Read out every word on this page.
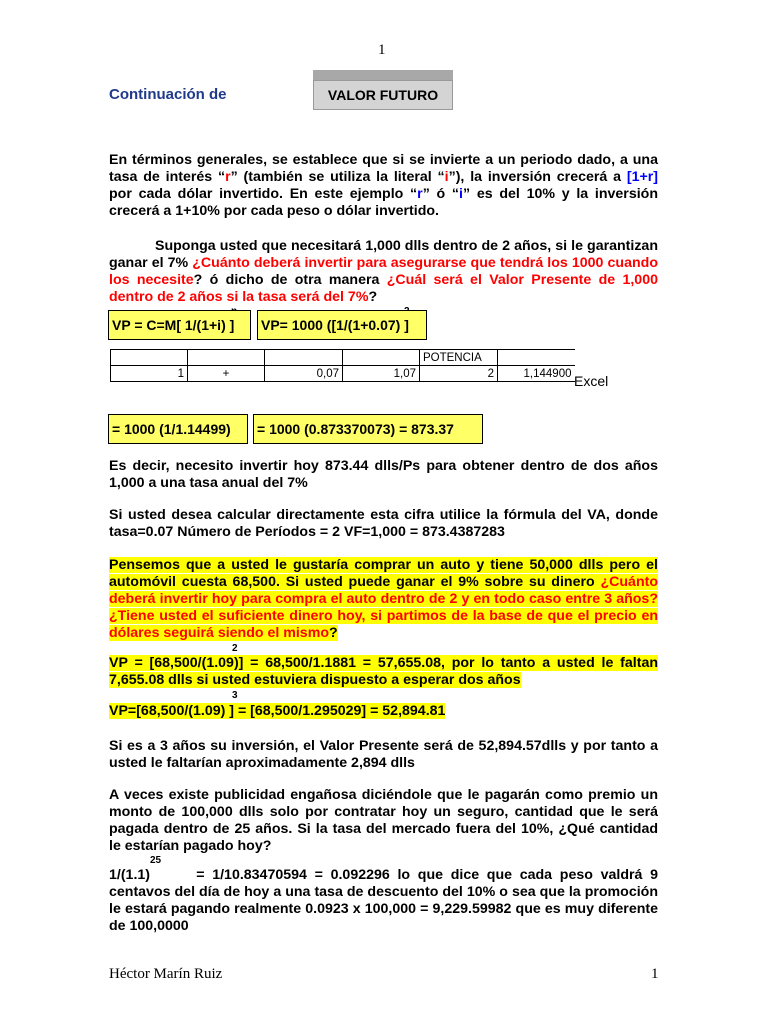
1
Continuación de	VALOR FUTURO
En términos generales, se establece que si se invierte a un periodo dado, a una tasa de interés “r” (también se utiliza la literal “i”), la inversión crecerá a [1+r] por cada dólar invertido. En este ejemplo “r” ó “i” es del 10% y la inversión crecerá a 1+10% por cada peso o dólar invertido.
Suponga usted que necesitará 1,000 dlls dentro de 2 años, si le garantizan ganar el 7% ¿Cuánto deberá invertir para asegurarse que tendrá los 1000 cuando los necesite? ó dicho de otra manera ¿Cuál será el Valor Presente de 1,000 dentro de 2 años si la tasa será del 7%?
VP = C=M[ 1/(1+i) ]	VP= 1000 ([1/(1+0.07) ]
				POTENCIA	
1	+	0,07	1,07	2	1,144900 Excel
= 1000 (1/1.14499)	= 1000 (0.873370073) = 873.37
Es decir, necesito invertir hoy 873.44 dlls/Ps para obtener dentro de dos años 1,000 a una tasa anual del 7%
Si usted desea calcular directamente esta cifra utilice la fórmula del VA, donde tasa=0.07 Número de Períodos = 2 VF=1,000 = 873.4387283
Pensemos que a usted le gustaría comprar un auto y tiene 50,000 dlls pero el automóvil cuesta 68,500. Si usted puede ganar el 9% sobre su dinero ¿Cuánto deberá invertir hoy para compra el auto dentro de 2 y en todo caso entre 3 años? ¿Tiene usted el suficiente dinero hoy, si partimos de la base de que el precio en dólares seguirá siendo el mismo?
2
VP = [68,500/(1.09)] = 68,500/1.1881 = 57,655.08, por lo tanto a usted le faltan 7,655.08 dlls si usted estuviera dispuesto a esperar dos años
3
VP=[68,500/(1.09) ] = [68,500/1.295029] = 52,894.81
Si es a 3 años su inversión, el Valor Presente será de 52,894.57dlls y por tanto a usted le faltarían aproximadamente 2,894 dlls
A veces existe publicidad engañosa diciéndole que le pagarán como premio un monto de 100,000 dlls solo por contratar hoy un seguro, cantidad que le será pagada dentro de 25 años. Si la tasa del mercado fuera del 10%, ¿Qué cantidad le estarían pagado hoy?
25
1/(1.1)      = 1/10.83470594 = 0.092296 lo que dice que cada peso valdrá 9 centavos del día de hoy a una tasa de descuento del 10% o sea que la promoción le estará pagando realmente 0.0923 x 100,000 = 9,229.59982 que es muy diferente de 100,0000
Héctor Marín Ruiz	1
